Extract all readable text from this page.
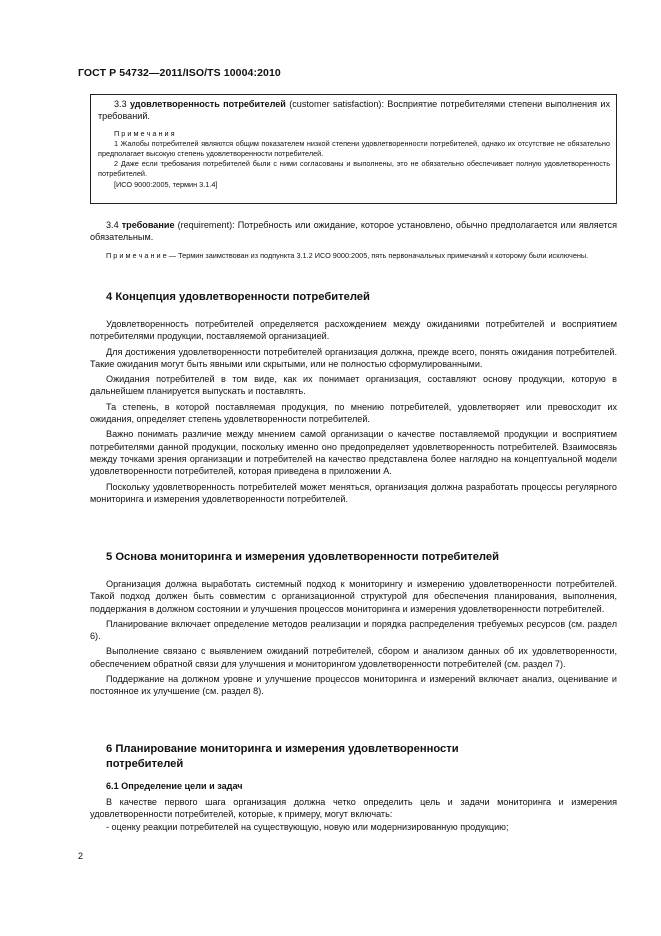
ГОСТ Р 54732—2011/ISO/TS 10004:2010

3.3 удовлетворенность потребителей (customer satisfaction): Восприятие потребителями степени выполнения их требований.

П р и м е ч а н и я

1 Жалобы потребителей являются общим показателем низкой степени удовлетворенности потребителей, однако их отсутствие не обязательно предполагает высокую степень удовлетворенности потребителей.

2 Даже если требования потребителей были с ними согласованы и выполнены, это не обязательно обеспечивает полную удовлетворенность потребителей.

[ИСО 9000:2005, термин 3.1.4]

3.4 требование (requirement): Потребность или ожидание, которое установлено, обычно предполагается или является обязательным.

П р и м е ч а н и е — Термин заимствован из подпункта 3.1.2 ИСО 9000:2005, пять первоначальных примечаний к которому были исключены.

4 Концепция удовлетворенности потребителей

Удовлетворенность потребителей определяется расхождением между ожиданиями потребителей и восприятием потребителями продукции, поставляемой организацией.

Для достижения удовлетворенности потребителей организация должна, прежде всего, понять ожидания потребителей. Такие ожидания могут быть явными или скрытыми, или не полностью сформулированными.

Ожидания потребителей в том виде, как их понимает организация, составляют основу продукции, которую в дальнейшем планируется выпускать и поставлять.

Та степень, в которой поставляемая продукция, по мнению потребителей, удовлетворяет или превосходит их ожидания, определяет степень удовлетворенности потребителей.

Важно понимать различие между мнением самой организации о качестве поставляемой продукции и восприятием потребителями данной продукции, поскольку именно оно предопределяет удовлетворенность потребителей. Взаимосвязь между точками зрения организации и потребителей на качество представлена более наглядно на концептуальной модели удовлетворенности потребителей, которая приведена в приложении А.

Поскольку удовлетворенность потребителей может меняться, организация должна разработать процессы регулярного мониторинга и измерения удовлетворенности потребителей.

5 Основа мониторинга и измерения удовлетворенности потребителей

Организация должна выработать системный подход к мониторингу и измерению удовлетворенности потребителей. Такой подход должен быть совместим с организационной структурой для обеспечения планирования, выполнения, поддержания в должном состоянии и улучшения процессов мониторинга и измерения удовлетворенности потребителей.

Планирование включает определение методов реализации и порядка распределения требуемых ресурсов (см. раздел 6).

Выполнение связано с выявлением ожиданий потребителей, сбором и анализом данных об их удовлетворенности, обеспечением обратной связи для улучшения и мониторингом удовлетворенности потребителей (см. раздел 7).

Поддержание на должном уровне и улучшение процессов мониторинга и измерений включает анализ, оценивание и постоянное их улучшение (см. раздел 8).

6 Планирование мониторинга и измерения удовлетворенности

потребителей

6.1 Определение цели и задач

В качестве первого шага организация должна четко определить цель и задачи мониторинга и измерения удовлетворенности потребителей, которые, к примеру, могут включать:

- оценку реакции потребителей на существующую, новую или модернизированную продукцию;

2
